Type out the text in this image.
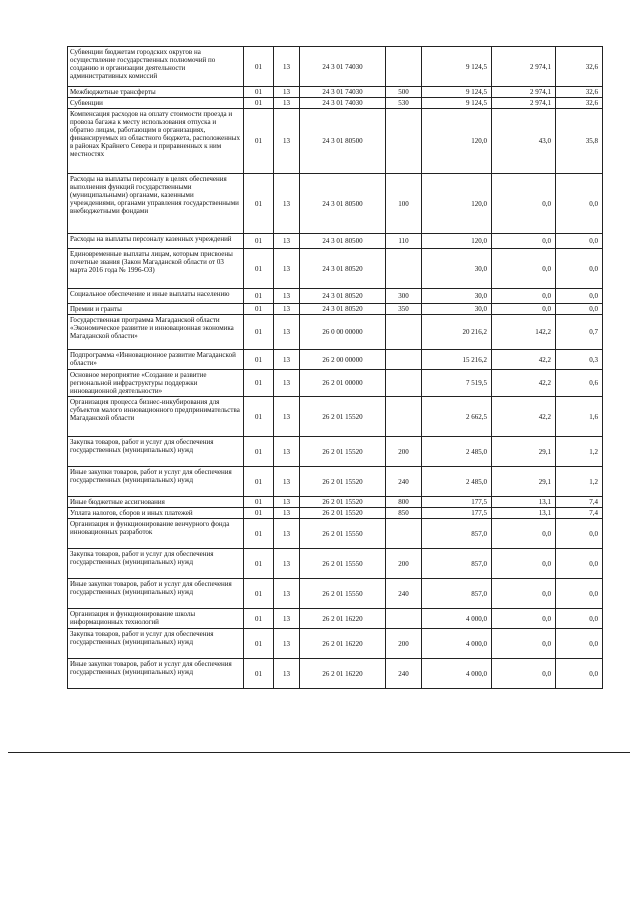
Субвенции бюджетам городских округов на осуществление государственных полномочий по созданию и организации деятельности административных комиссий	01	13	24 3 01 74030		9 124,5	2 974,1	32,6
Межбюджетные трансферты	01	13	24 3 01 74030	500	9 124,5	2 974,1	32,6
Субвенции	01	13	24 3 01 74030	530	9 124,5	2 974,1	32,6
Компенсация расходов на оплату стоимости проезда и провоза багажа к месту использования отпуска и обратно лицам, работающим в организациях, финансируемых из областного бюджета, расположенных в районах Крайнего Севера и приравненных к ним местностях	01	13	24 3 01 80500		120,0	43,0	35,8
Расходы на выплаты персоналу в целях обеспечения выполнения функций государственными (муниципальными) органами, казенными учреждениями, органами управления государственными внебюджетными фондами	01	13	24 3 01 80500	100	120,0	0,0	0,0
Расходы на выплаты персоналу казенных учреждений	01	13	24 3 01 80500	110	120,0	0,0	0,0
Единовременные выплаты лицам, которым присвоены почетные звания (Закон Магаданской области от 03 марта 2016 года № 1996-ОЗ)	01	13	24 3 01 80520		30,0	0,0	0,0
Социальное обеспечение и иные выплаты населению	01	13	24 3 01 80520	300	30,0	0,0	0,0
Премии и гранты	01	13	24 3 01 80520	350	30,0	0,0	0,0
Государственная программа Магаданской области «Экономическое развитие и инновационная экономика Магаданской области»	01	13	26 0 00 00000		20 216,2	142,2	0,7
Подпрограмма «Инновационное развитие Магаданской области»	01	13	26 2 00 00000		15 216,2	42,2	0,3
Основное мероприятие «Создание и развитие региональной инфраструктуры поддержки инновационной деятельности»	01	13	26 2 01 00000		7 519,5	42,2	0,6
Организация процесса бизнес-инкубирования для субъектов малого инновационного предпринимательства Магаданской области	01	13	26 2 01 15520		2 662,5	42,2	1,6
Закупка товаров, работ и услуг для обеспечения государственных (муниципальных) нужд	01	13	26 2 01 15520	200	2 485,0	29,1	1,2
Иные закупки товаров, работ и услуг для обеспечения государственных (муниципальных) нужд	01	13	26 2 01 15520	240	2 485,0	29,1	1,2
Иные бюджетные ассигнования	01	13	26 2 01 15520	800	177,5	13,1	7,4
Уплата налогов, сборов и иных платежей	01	13	26 2 01 15520	850	177,5	13,1	7,4
Организация и функционирование венчурного фонда инновационных разработок	01	13	26 2 01 15550		857,0	0,0	0,0
Закупка товаров, работ и услуг для обеспечения государственных (муниципальных) нужд	01	13	26 2 01 15550	200	857,0	0,0	0,0
Иные закупки товаров, работ и услуг для обеспечения государственных (муниципальных) нужд	01	13	26 2 01 15550	240	857,0	0,0	0,0
Организация и функционирование школы информационных технологий	01	13	26 2 01 16220		4 000,0	0,0	0,0
Закупка товаров, работ и услуг для обеспечения государственных (муниципальных) нужд	01	13	26 2 01 16220	200	4 000,0	0,0	0,0
Иные закупки товаров, работ и услуг для обеспечения государственных (муниципальных) нужд	01	13	26 2 01 16220	240	4 000,0	0,0	0,0
